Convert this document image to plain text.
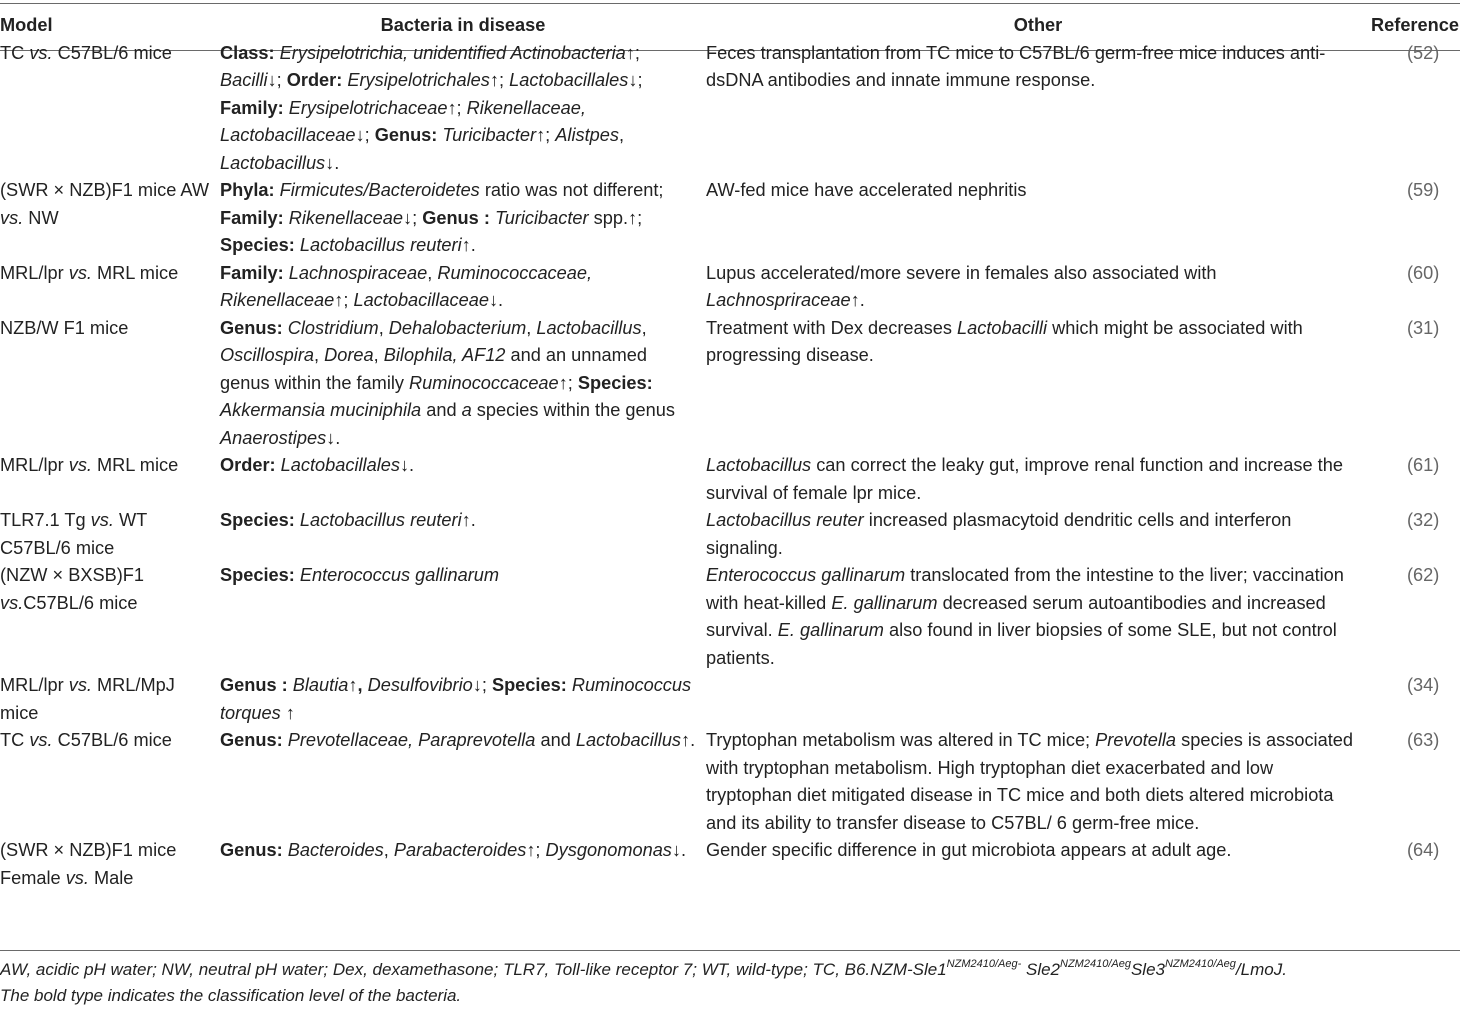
Model	Bacteria in disease	Other	Reference
TC vs. C57BL/6 mice	Class: Erysipelotrichia, unidentified Actinobacteria↑; Bacilli↓; Order: Erysipelotrichales↑; Lactobacillales↓; Family: Erysipelotrichaceae↑; Rikenellaceae, Lactobacillaceae↓; Genus: Turicibacter↑; Alistpes, Lactobacillus↓.	Feces transplantation from TC mice to C57BL/6 germ-free mice induces anti-dsDNA antibodies and innate immune response.	(52)
(SWR × NZB)F1 mice AW vs. NW	Phyla: Firmicutes/Bacteroidetes ratio was not different; Family: Rikenellaceae↓; Genus : Turicibacter spp.↑; Species: Lactobacillus reuteri↑.	AW-fed mice have accelerated nephritis	(59)
MRL/lpr vs. MRL mice	Family: Lachnospiraceae, Ruminococcaceae, Rikenellaceae↑; Lactobacillaceae↓.	Lupus accelerated/more severe in females also associated with Lachnospriraceae↑.	(60)
NZB/W F1 mice	Genus: Clostridium, Dehalobacterium, Lactobacillus, Oscillospira, Dorea, Bilophila, AF12 and an unnamed genus within the family Ruminococcaceae↑; Species: Akkermansia muciniphila and a species within the genus Anaerostipes↓.	Treatment with Dex decreases Lactobacilli which might be associated with progressing disease.	(31)
MRL/lpr vs. MRL mice	Order: Lactobacillales↓.	Lactobacillus can correct the leaky gut, improve renal function and increase the survival of female lpr mice.	(61)
TLR7.1 Tg vs. WT C57BL/6 mice	Species: Lactobacillus reuteri↑.	Lactobacillus reuter increased plasmacytoid dendritic cells and interferon signaling.	(32)
(NZW × BXSB)F1 vs.C57BL/6 mice	Species: Enterococcus gallinarum	Enterococcus gallinarum translocated from the intestine to the liver; vaccination with heat-killed E. gallinarum decreased serum autoantibodies and increased survival. E. gallinarum also found in liver biopsies of some SLE, but not control patients.	(62)
MRL/lpr vs. MRL/MpJ mice	Genus : Blautia↑, Desulfovibrio↓; Species: Ruminococcus torques ↑		(34)
TC vs. C57BL/6 mice	Genus: Prevotellaceae, Paraprevotella and Lactobacillus↑.	Tryptophan metabolism was altered in TC mice; Prevotella species is associated with tryptophan metabolism. High tryptophan diet exacerbated and low tryptophan diet mitigated disease in TC mice and both diets altered microbiota and its ability to transfer disease to C57BL/ 6 germ-free mice.	(63)
(SWR × NZB)F1 mice Female vs. Male	Genus: Bacteroides, Parabacteroides↑; Dysgonomonas↓.	Gender specific difference in gut microbiota appears at adult age.	(64)
AW, acidic pH water; NW, neutral pH water; Dex, dexamethasone; TLR7, Toll-like receptor 7; WT, wild-type; TC, $B6.NZM-Sle1^{NZM2410/Aeg-}$ $Sle2^{NZM2410/Aeg}Sle3^{NZM2410/Aeg}$/LmoJ.
The bold type indicates the classification level of the bacteria.
